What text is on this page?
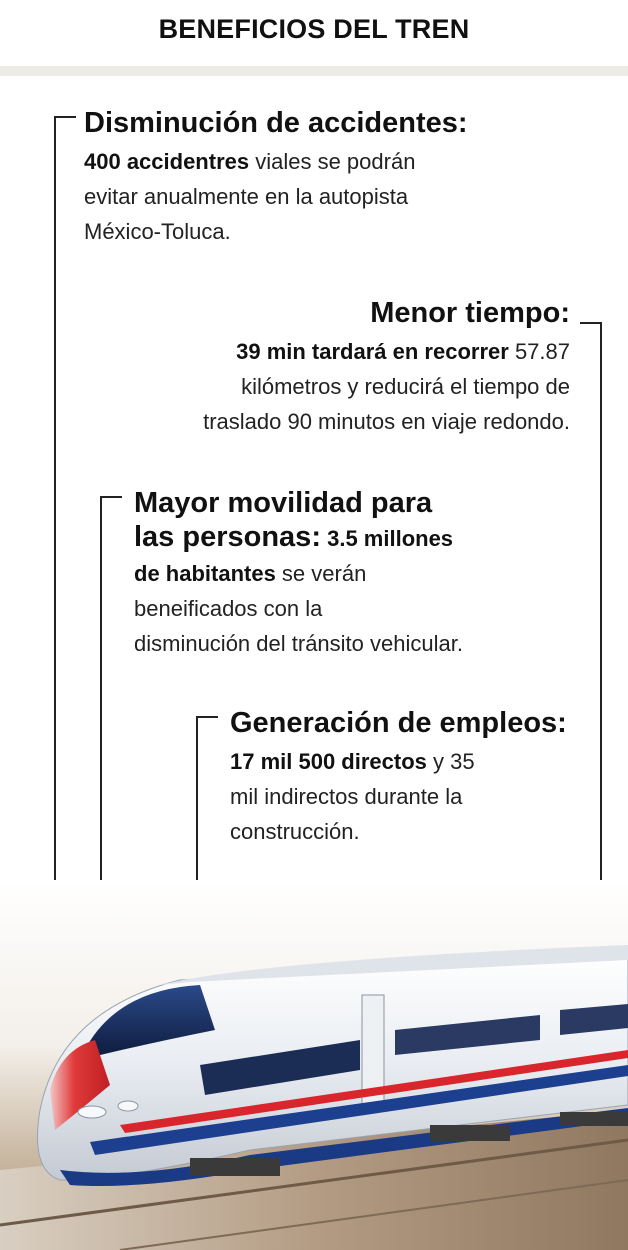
BENEFICIOS DEL TREN

Disminución de accidentes:

400 accidentres viales se podrán
evitar anualmente en la autopista
México-Toluca.

Menor tiempo:

39 min tardará en recorrer 57.87
kilómetros y reducirá el tiempo de
traslado 90 minutos en viaje redondo.

Mayor movilidad para

las personas: 3.5 millones

de habitantes se verán
beneificados con la
disminución del tránsito vehicular.

Generación de empleos:

17 mil 500 directos y 35
mil indirectos durante la
construcción.
